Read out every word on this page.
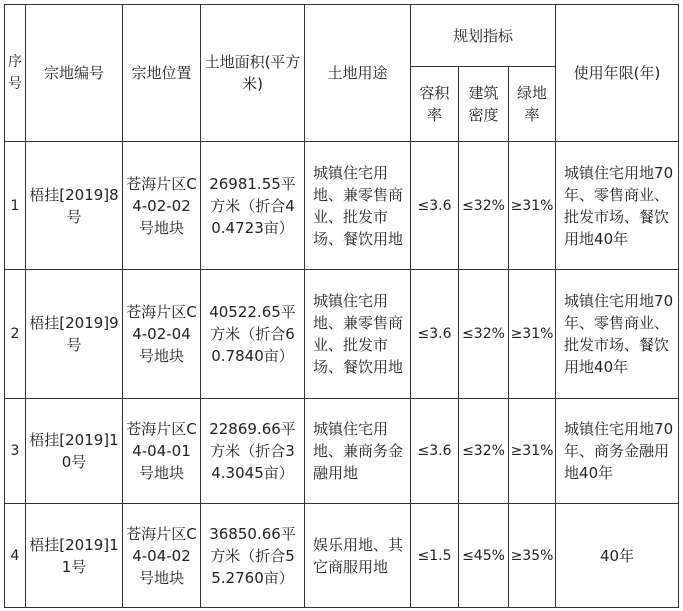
序号	宗地编号	宗地位置	土地面积(平方米)	土地用途	规划指标			使用年限(年)
					容积率	建筑密度	绿地率	
1	梧挂[2019]8号	苍海片区C4-02-02号地块	26981.55平方米（折合40.4723亩）	城镇住宅用地、兼零售商业、批发市场、餐饮用地	≤3.6	≤32%	≥31%	城镇住宅用地70年、零售商业、批发市场、餐饮用地40年
2	梧挂[2019]9号	苍海片区C4-02-04号地块	40522.65平方米（折合60.7840亩）	城镇住宅用地、兼零售商业、批发市场、餐饮用地	≤3.6	≤32%	≥31%	城镇住宅用地70年、零售商业、批发市场、餐饮用地40年
3	梧挂[2019]10号	苍海片区C4-04-01号地块	22869.66平方米（折合34.3045亩）	城镇住宅用地、兼商务金融用地	≤3.6	≤32%	≥31%	城镇住宅用地70年、商务金融用地40年
4	梧挂[2019]11号	苍海片区C4-04-02号地块	36850.66平方米（折合55.2760亩）	娱乐用地、其它商服用地	≤1.5	≤45%	≥35%	40年
